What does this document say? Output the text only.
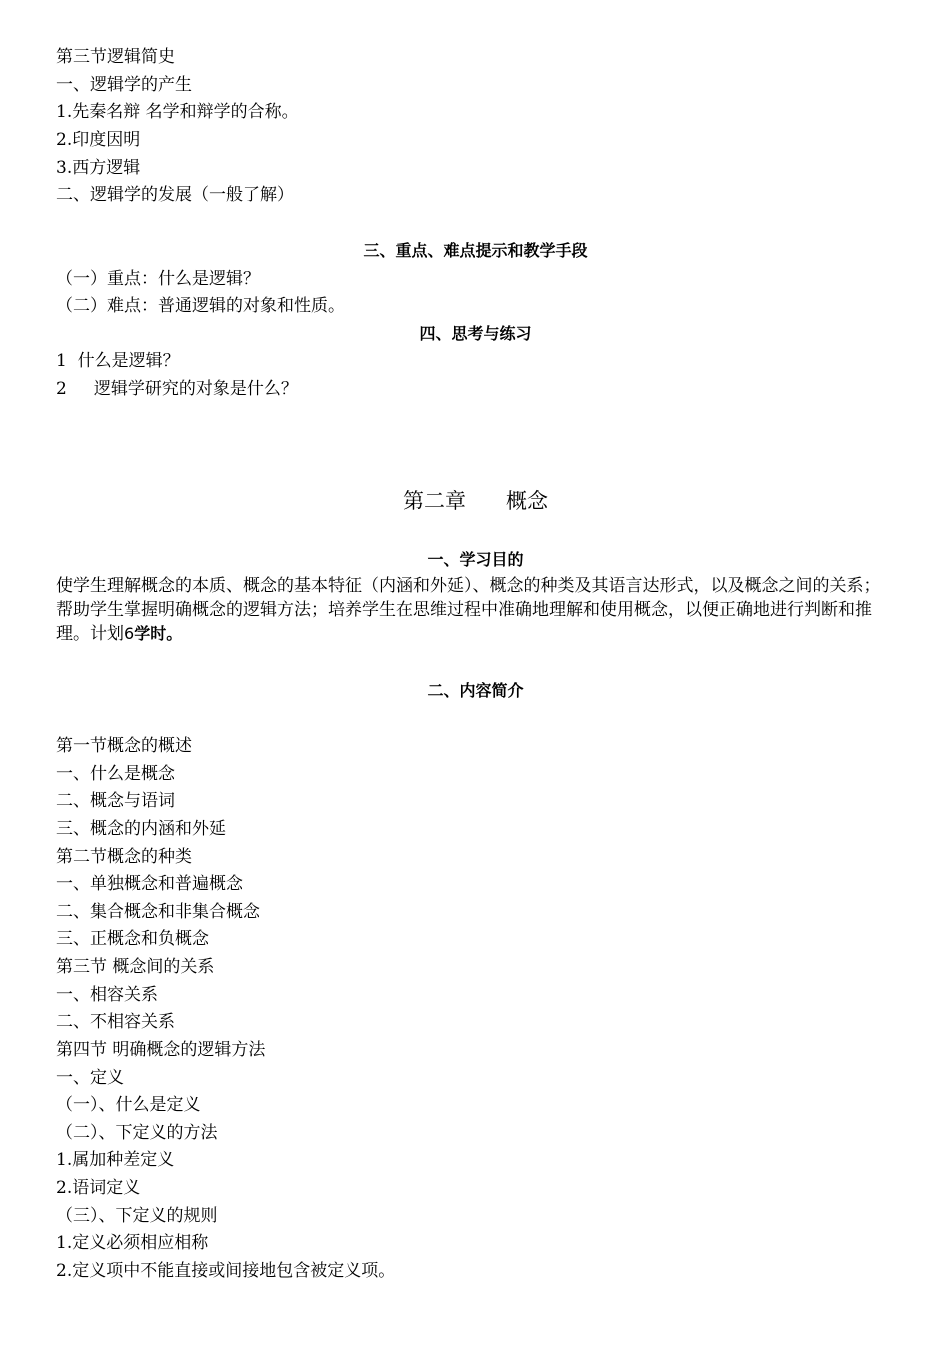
第三节逻辑简史
一、逻辑学的产生
1.先秦名辩 名学和辩学的合称。
2.印度因明
3.西方逻辑
二、逻辑学的发展（一般了解）
三、重点、难点提示和教学手段
（一）重点：什么是逻辑？
（二）难点：普通逻辑的对象和性质。
四、思考与练习
1  什么是逻辑？
2     逻辑学研究的对象是什么？
第二章      概念
一、学习目的
使学生理解概念的本质、概念的基本特征（内涵和外延）、概念的种类及其语言达形式，以及概念之间的关系；帮助学生掌握明确概念的逻辑方法；培养学生在思维过程中准确地理解和使用概念，以便正确地进行判断和推理。计划6学时。
二、内容简介
第一节概念的概述
一、什么是概念
二、概念与语词
三、概念的内涵和外延
第二节概念的种类
一、单独概念和普遍概念
二、集合概念和非集合概念
三、正概念和负概念
第三节 概念间的关系
一、相容关系
二、不相容关系
第四节 明确概念的逻辑方法
一、定义
（一）、什么是定义
（二）、下定义的方法
1.属加种差定义
2.语词定义
（三）、下定义的规则
1.定义必须相应相称
2.定义项中不能直接或间接地包含被定义项。
